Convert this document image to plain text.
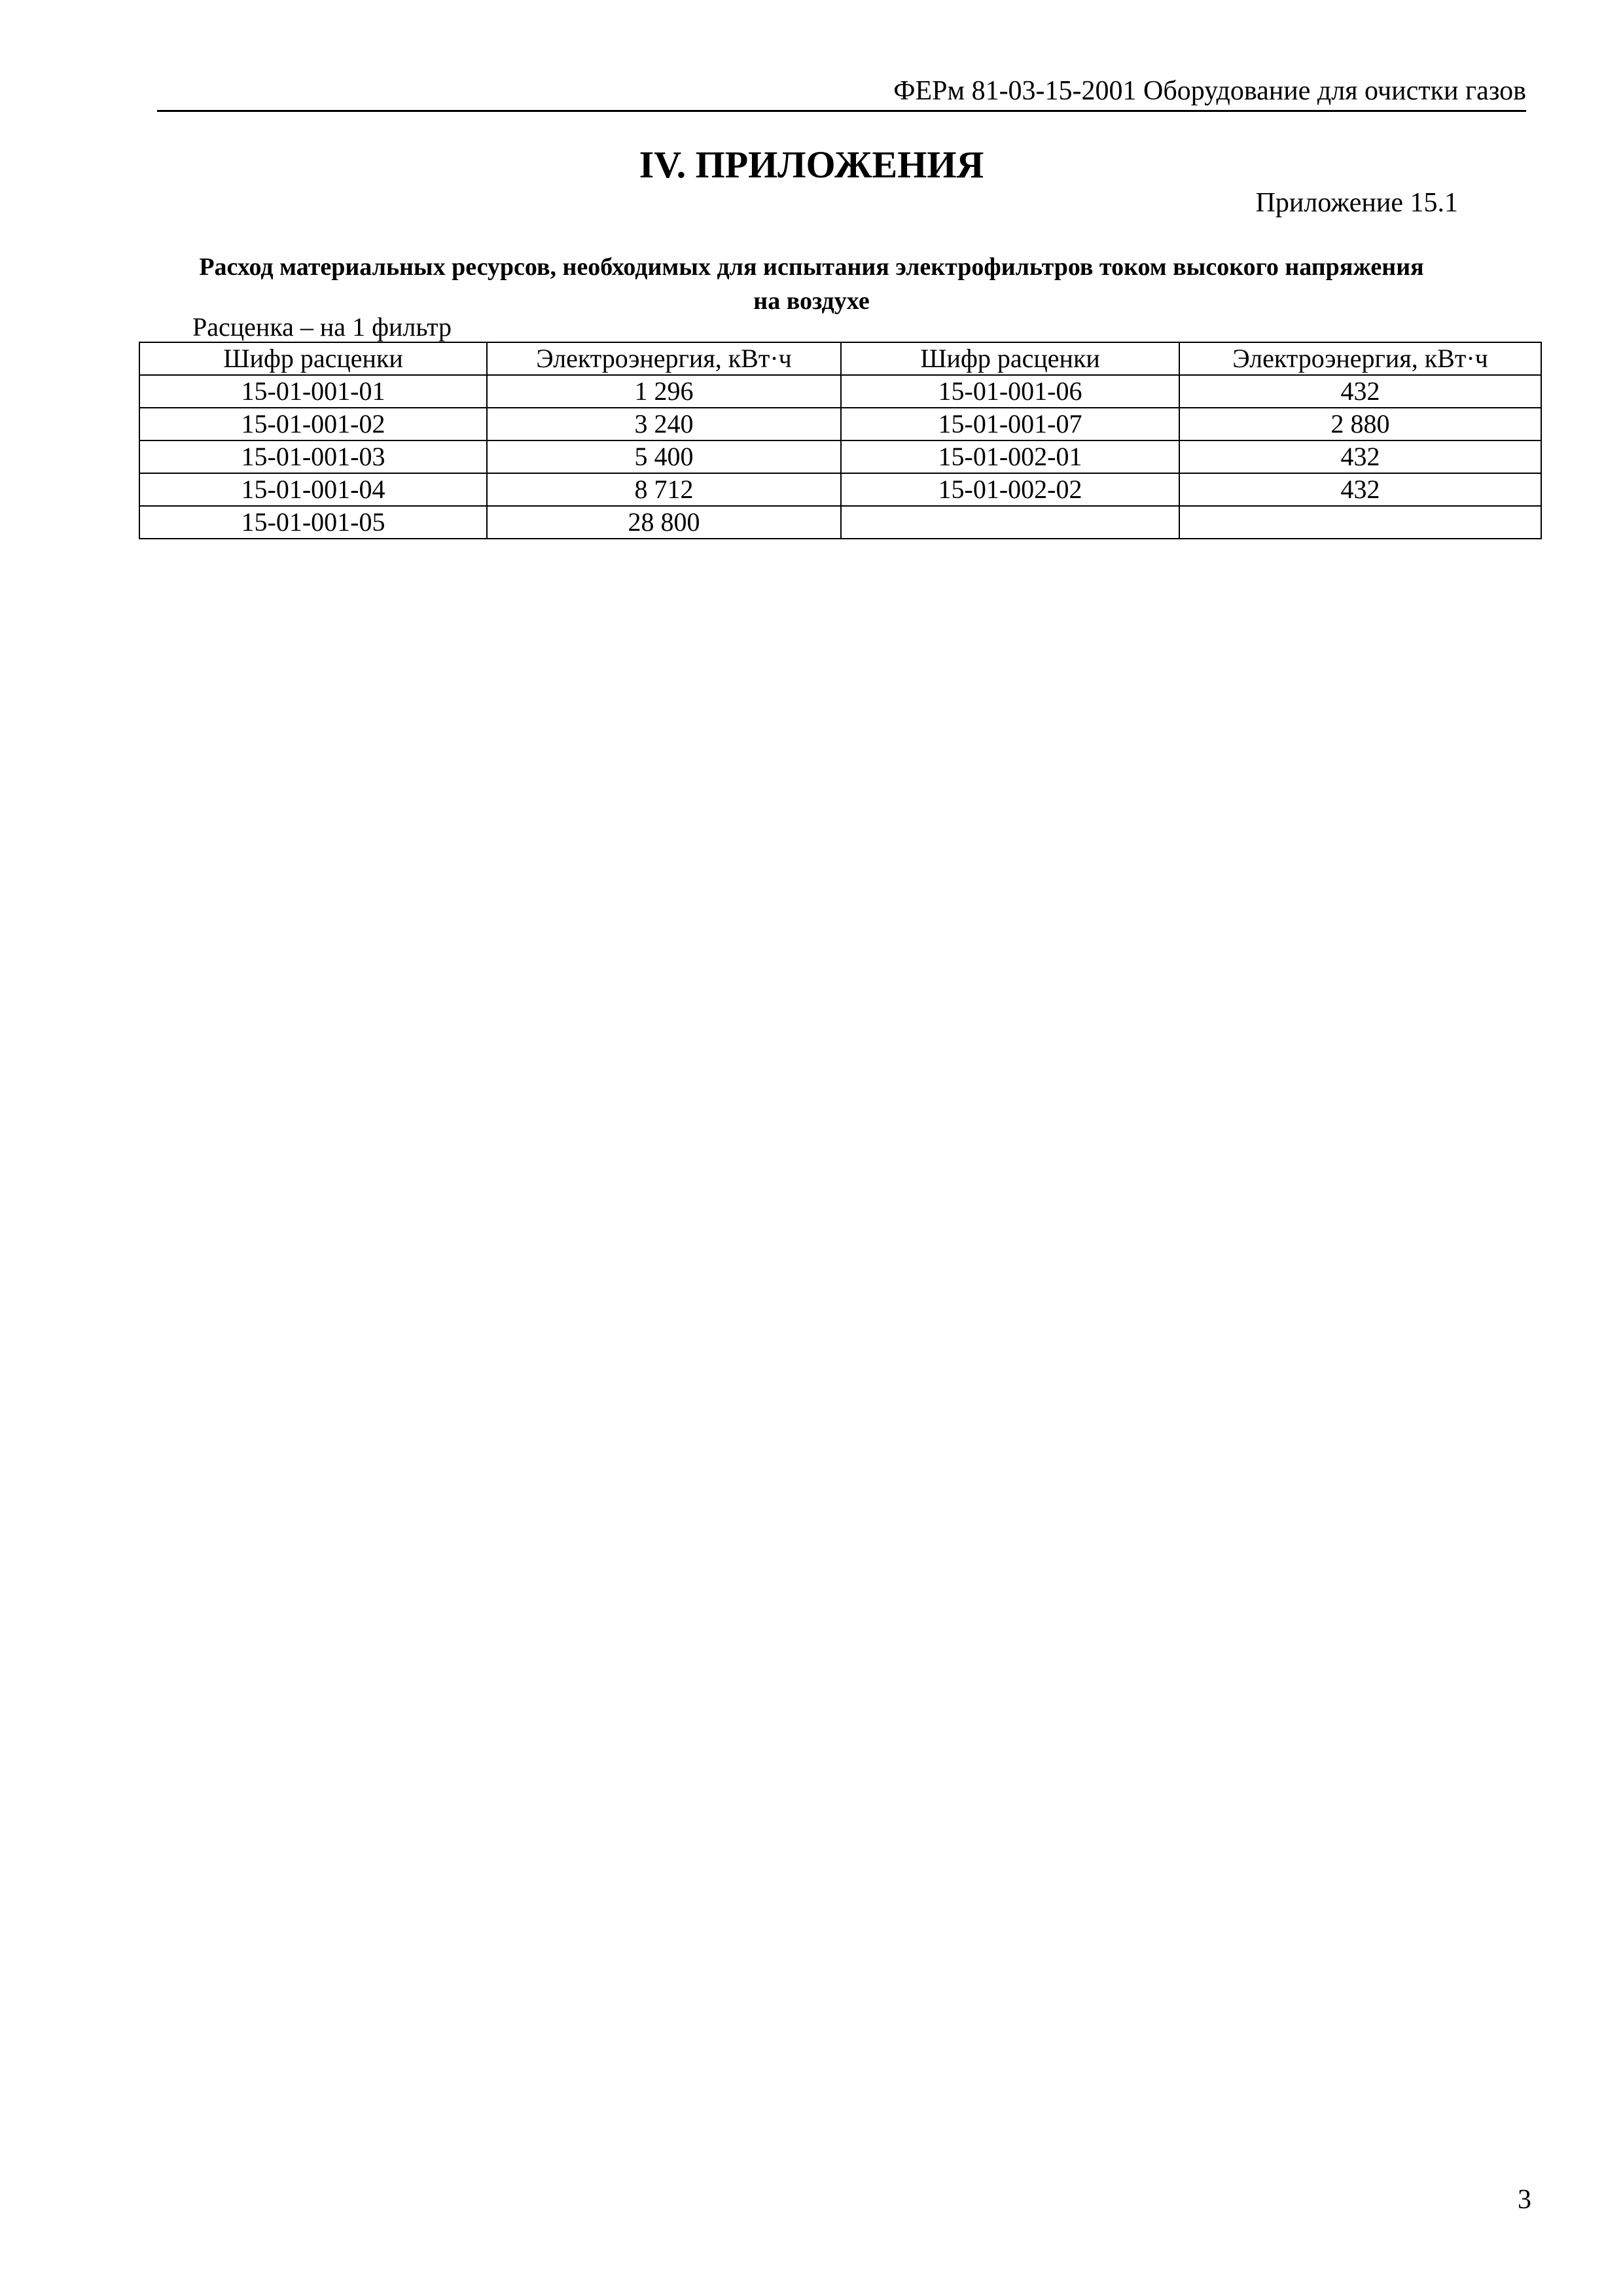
ФЕРм 81-03-15-2001 Оборудование для очистки газов
IV. ПРИЛОЖЕНИЯ
Приложение 15.1
Расход материальных ресурсов, необходимых для испытания электрофильтров током высокого напряжения
на воздухе
Расценка – на 1 фильтр
Шифр расценки	Электроэнергия, кВт·ч	Шифр расценки	Электроэнергия, кВт·ч
15-01-001-01	1 296	15-01-001-06	432
15-01-001-02	3 240	15-01-001-07	2 880
15-01-001-03	5 400	15-01-002-01	432
15-01-001-04	8 712	15-01-002-02	432
15-01-001-05	28 800		
3
